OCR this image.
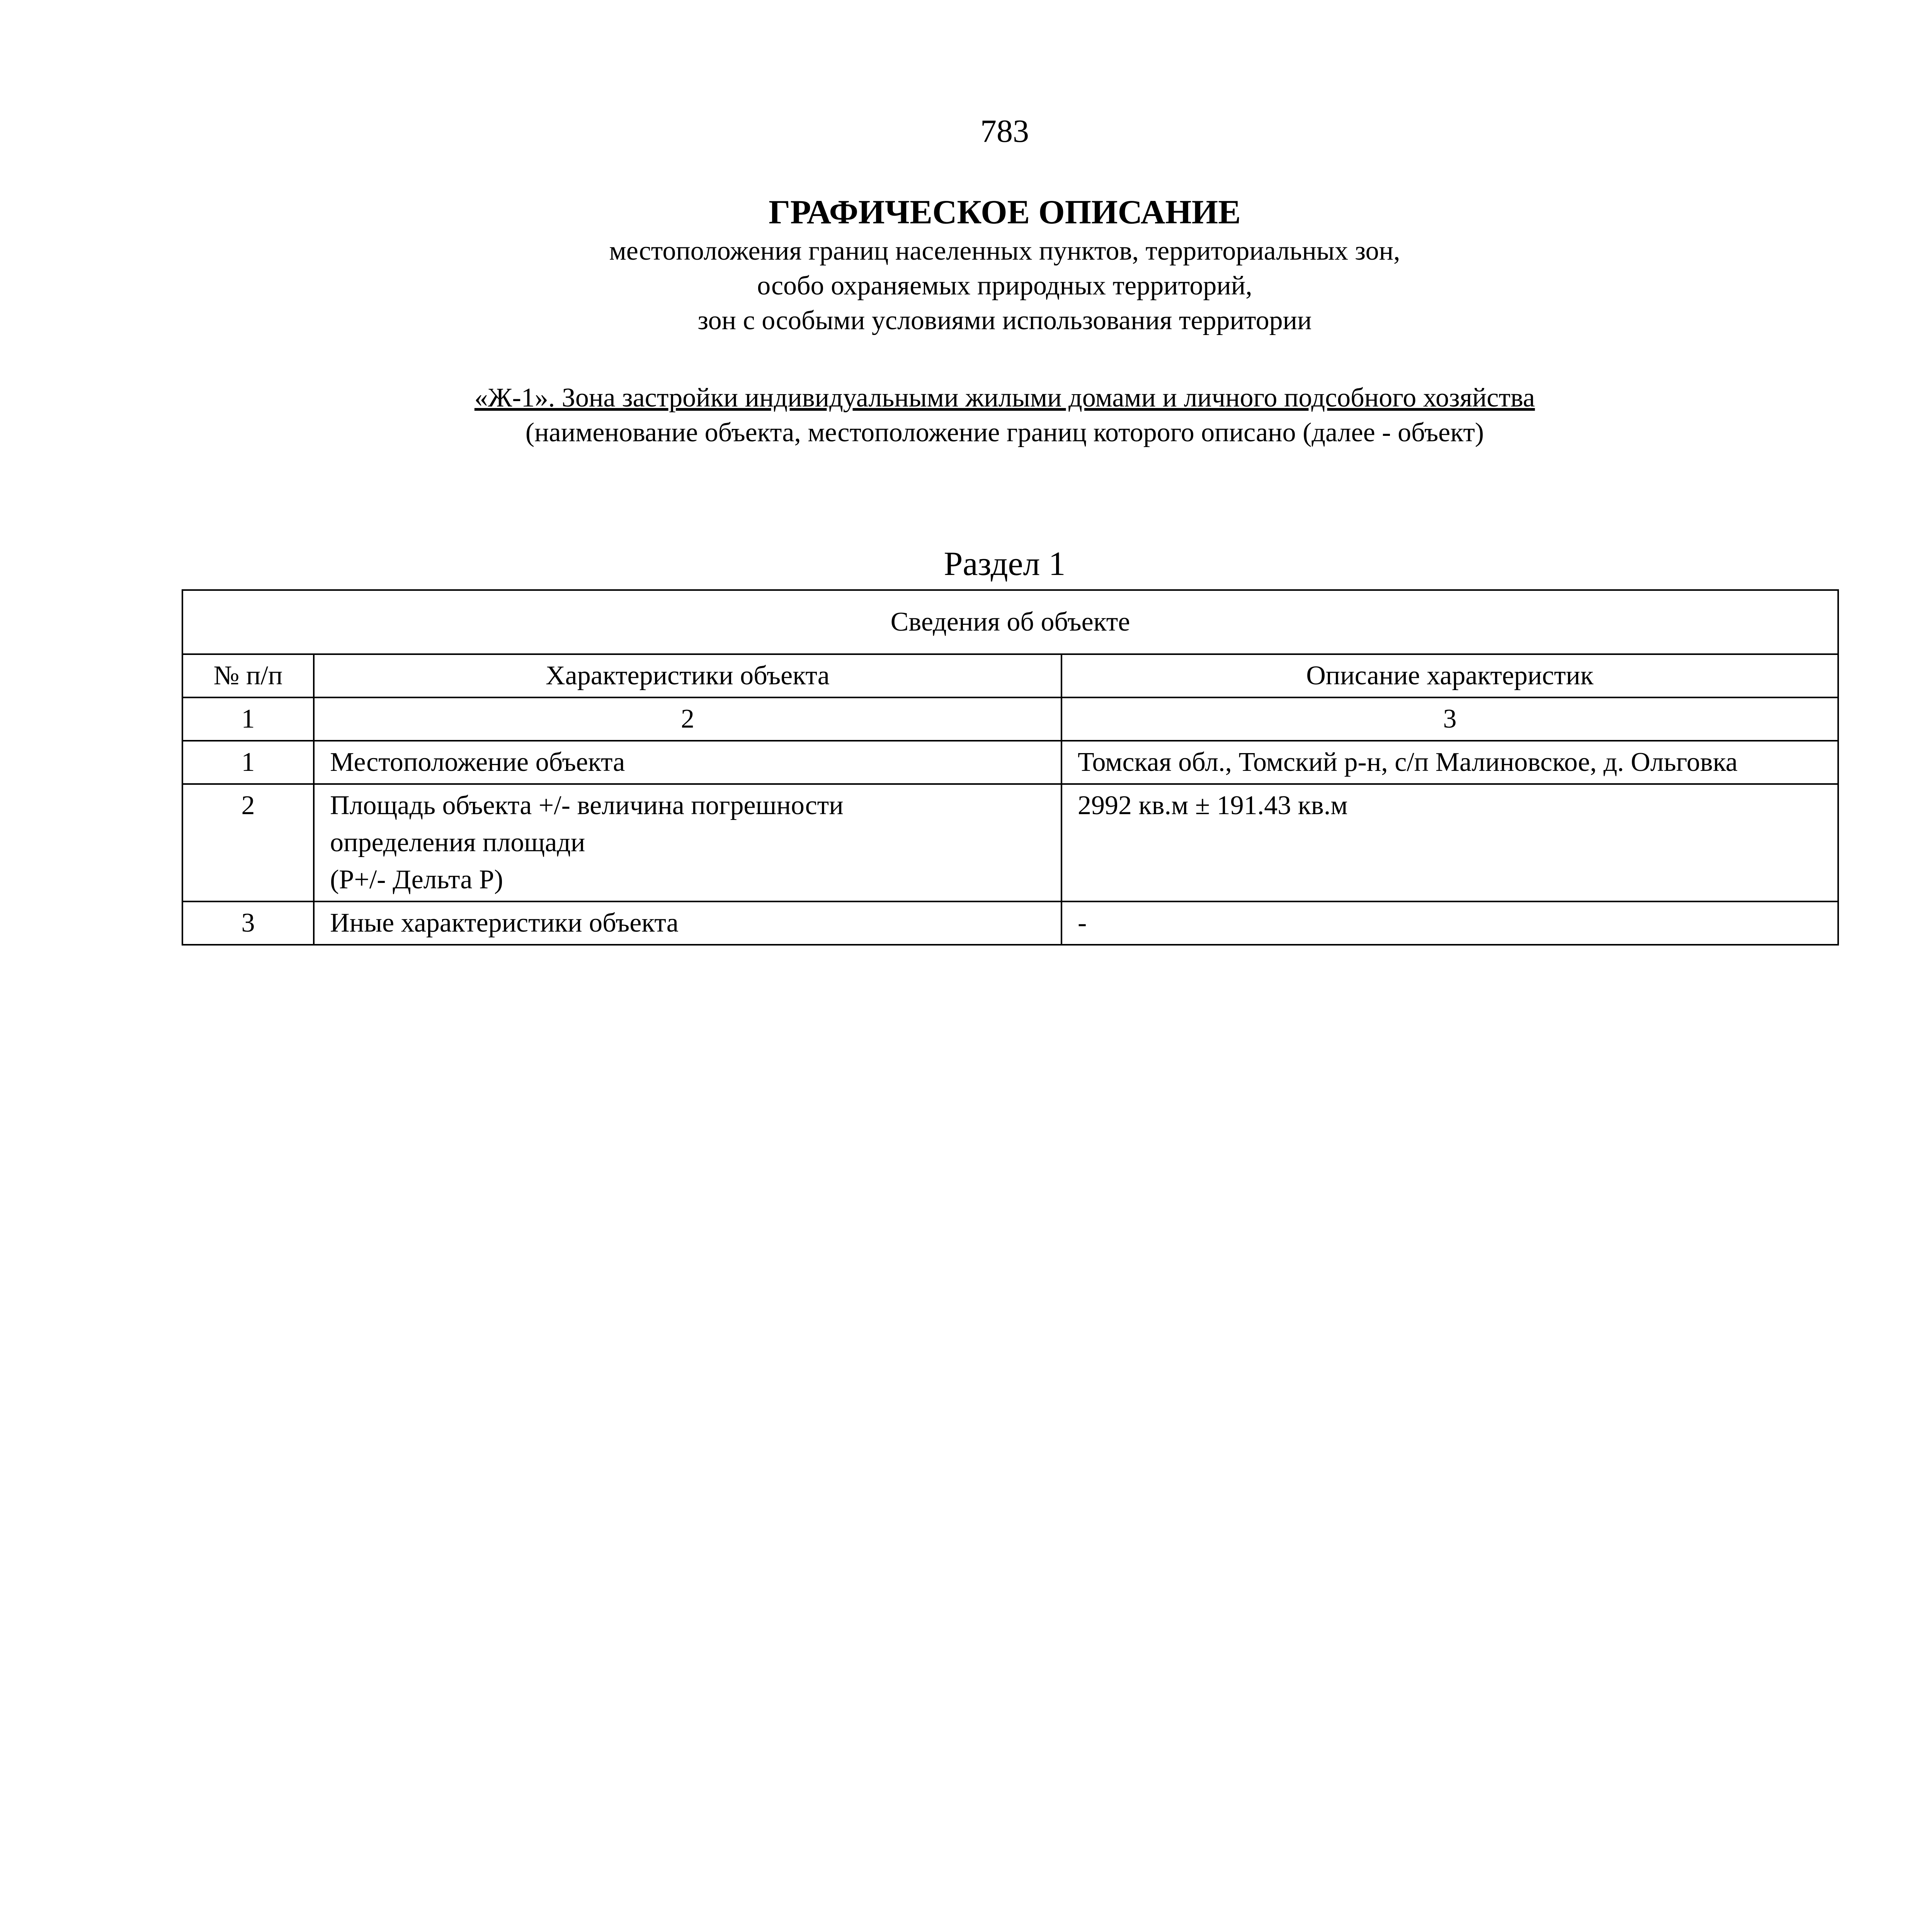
783

ГРАФИЧЕСКОЕ ОПИСАНИЕ

местоположения границ населенных пунктов, территориальных зон,

особо охраняемых природных территорий,

зон с особыми условиями использования территории

«Ж-1». Зона застройки индивидуальными жилыми домами и личного подсобного хозяйства

(наименование объекта, местоположение границ которого описано (далее - объект)

Раздел 1
Сведения об объекте		
№ п/п	Характеристики объекта	Описание характеристик
1	2	3
1	Местоположение объекта	Томская обл., Томский р-н, с/п Малиновское, д. Ольговка
2	Площадь объекта +/- величина погрешности
определения площади
(Р+/- Дельта Р)	2992 кв.м ± 191.43 кв.м
3	Иные характеристики объекта	-
